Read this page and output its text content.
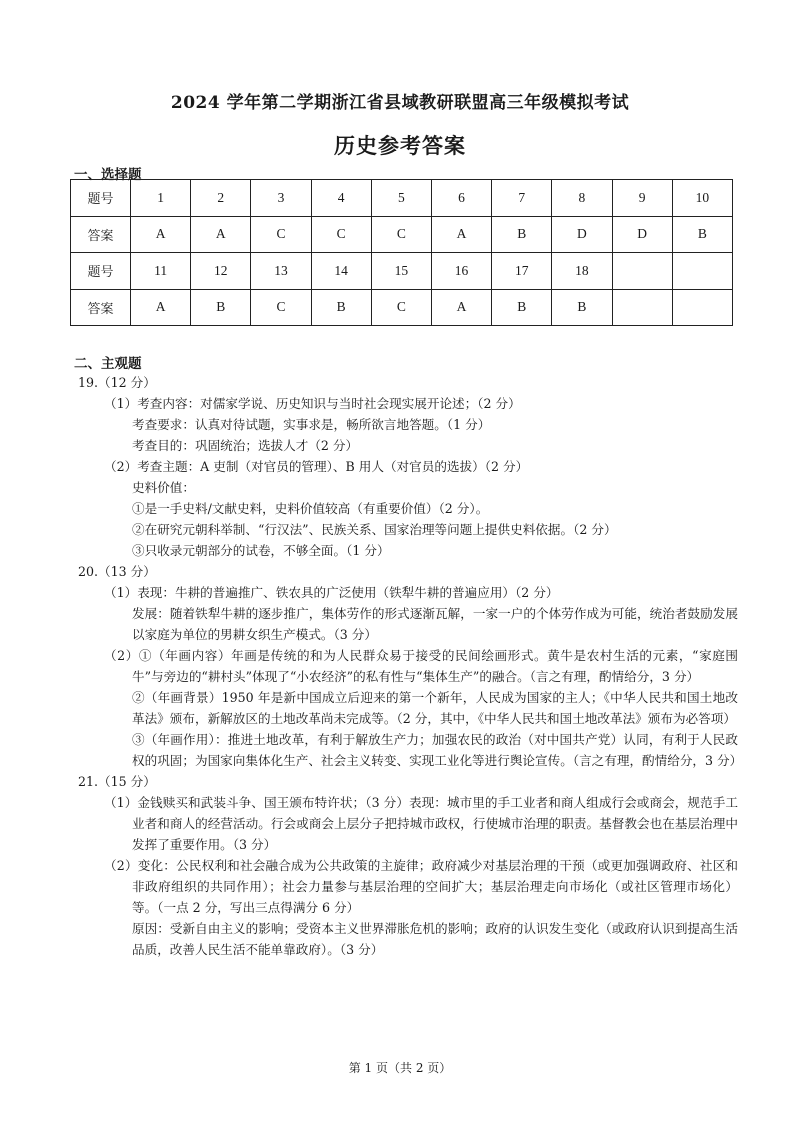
2024 学年第二学期浙江省县域教研联盟高三年级模拟考试
历史参考答案
一、选择题
题号	1	2	3	4	5	6	7	8	9	10
答案	A	A	C	C	C	A	B	D	D	B
题号	11	12	13	14	15	16	17	18		
答案	A	B	C	B	C	A	B	B		
二、主观题

19.（12 分）

（1）考查内容：对儒家学说、历史知识与当时社会现实展开论述；（2 分）

考查要求：认真对待试题，实事求是，畅所欲言地答题。（1 分）

考查目的：巩固统治；选拔人才（2 分）

（2）考查主题：A 吏制（对官员的管理）、B 用人（对官员的选拔）（2 分）

史料价值：

①是一手史料/文献史料，史料价值较高（有重要价值）（2 分）。

②在研究元朝科举制、“行汉法”、民族关系、国家治理等问题上提供史料依据。（2 分）

③只收录元朝部分的试卷，不够全面。（1 分）

20.（13 分）

（1）表现：牛耕的普遍推广、铁农具的广泛使用（铁犁牛耕的普遍应用）（2 分）

发展：随着铁犁牛耕的逐步推广，集体劳作的形式逐渐瓦解，一家一户的个体劳作成为可能，统治者鼓励发展以家庭为单位的男耕女织生产模式。（3 分）

（2）①（年画内容）年画是传统的和为人民群众易于接受的民间绘画形式。黄牛是农村生活的元素，“家庭围牛”与旁边的“耕村头”体现了“小农经济”的私有性与“集体生产”的融合。（言之有理，酌情给分，3 分）

②（年画背景）1950 年是新中国成立后迎来的第一个新年，人民成为国家的主人；《中华人民共和国土地改革法》颁布，新解放区的土地改革尚未完成等。（2 分，其中，《中华人民共和国土地改革法》颁布为必答项）

③（年画作用）：推进土地改革，有利于解放生产力；加强农民的政治（对中国共产党）认同，有利于人民政权的巩固；为国家向集体化生产、社会主义转变、实现工业化等进行舆论宣传。（言之有理，酌情给分，3 分）

21.（15 分）

（1）金钱赎买和武装斗争、国王颁布特许状；（3 分）表现：城市里的手工业者和商人组成行会或商会，规范手工业者和商人的经营活动。行会或商会上层分子把持城市政权，行使城市治理的职责。基督教会也在基层治理中发挥了重要作用。（3 分）

（2）变化：公民权利和社会融合成为公共政策的主旋律；政府减少对基层治理的干预（或更加强调政府、社区和非政府组织的共同作用）；社会力量参与基层治理的空间扩大；基层治理走向市场化（或社区管理市场化）等。（一点 2 分，写出三点得满分 6 分）

原因：受新自由主义的影响；受资本主义世界滞胀危机的影响；政府的认识发生变化（或政府认识到提高生活品质，改善人民生活不能单靠政府）。（3 分）

第 1 页（共 2 页）
